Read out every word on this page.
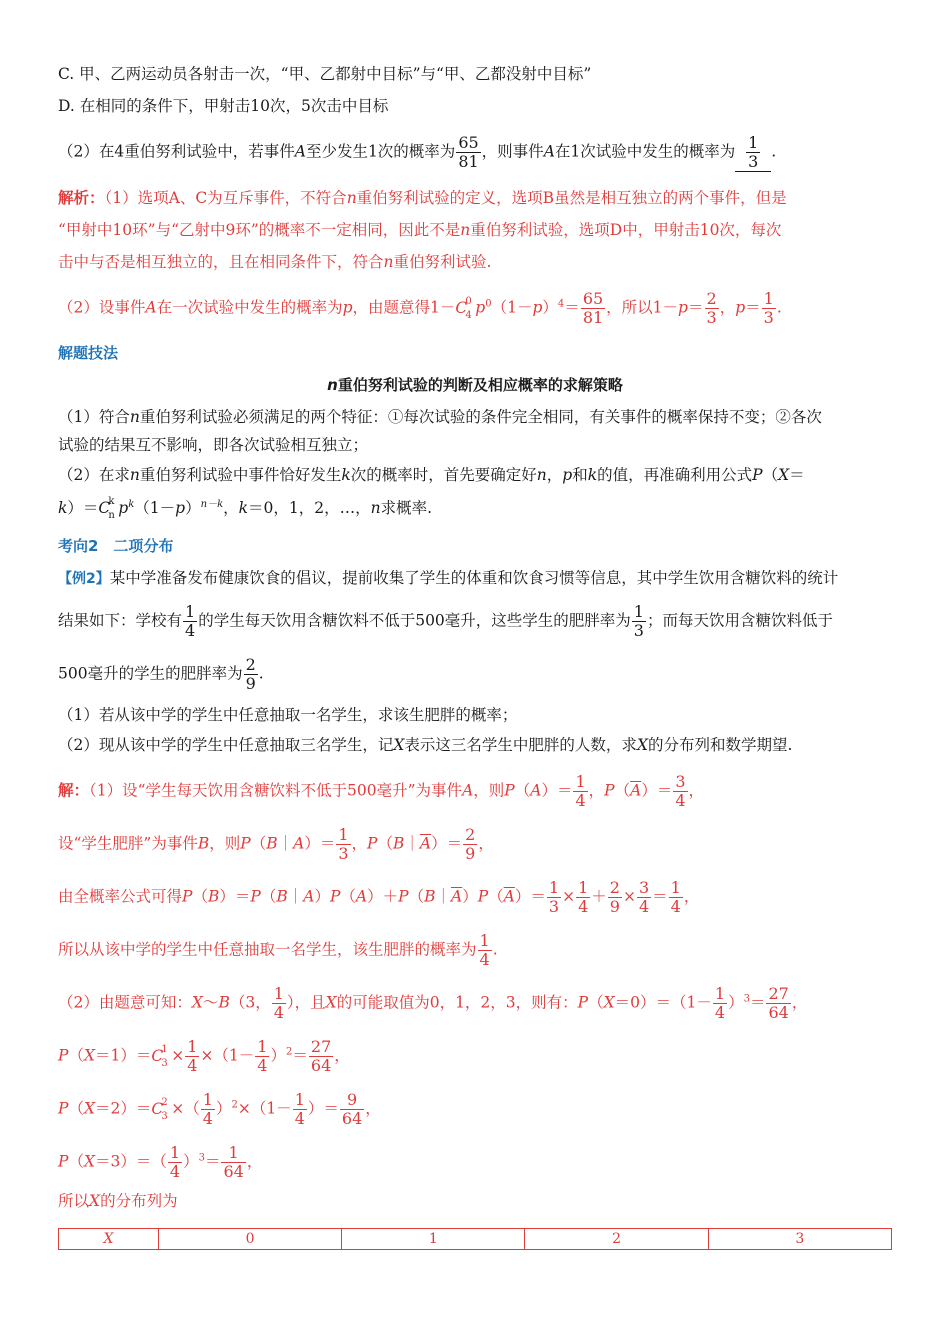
C. 甲、乙两运动员各射击一次，“甲、乙都射中目标”与“甲、乙都没射中目标”
D. 在相同的条件下，甲射击10次，5次击中目标
（2）在4重伯努利试验中，若事件A至少发生1次的概率为 $\frac{65}{81}$ ，则事件A在1次试验中发生的概率为 $\frac{1}{3}$ .
解析：（1）选项A、C为互斥事件，不符合n重伯努利试验的定义，选项B虽然是相互独立的两个事件，但是
“甲射中10环”与“乙射中9环”的概率不一定相同，因此不是n重伯努利试验，选项D中，甲射击10次，每次
击中与否是相互独立的，且在相同条件下，符合n重伯努利试验.
（2）设事件A在一次试验中发生的概率为p，由题意得1－C
0
4 $p^0(1-p)^4= \frac{65}{81}$ ，所以$1-p= \frac{2}{3}$ ，$p= \frac{1}{3}$ .
解题技法
n重伯努利试验的判断及相应概率的求解策略
（1）符合n重伯努利试验必须满足的两个特征：①每次试验的条件完全相同，有关事件的概率保持不变；②各次
试验的结果互不影响，即各次试验相互独立；
（2）在求n重伯努利试验中事件恰好发生k次的概率时，首先要确定好n，p和k的值，再准确利用公式P（X＝
k）＝C
k
n $p^k(1-p)^{n-k}$，k＝0，1，2，…，n求概率.
考向2　二项分布
【例2】某中学准备发布健康饮食的倡议，提前收集了学生的体重和饮食习惯等信息，其中学生饮用含糖饮料的统计
结果如下：学校有 $\frac{1}{4}$ 的学生每天饮用含糖饮料不低于500毫升，这些学生的肥胖率为 $\frac{1}{3}$ ；而每天饮用含糖饮料低于
500毫升的学生的肥胖率为 $\frac{2}{9}$ .
（1）若从该中学的学生中任意抽取一名学生，求该生肥胖的概率；
（2）现从该中学的学生中任意抽取三名学生，记X表示这三名学生中肥胖的人数，求X的分布列和数学期望.
解：（1）设“学生每天饮用含糖饮料不低于500毫升”为事件A，则$P(A)= \frac{1}{4}$ ，$P(\overline{A})= \frac{3}{4}$ ，
设“学生肥胖”为事件B，则P（B｜A）＝ $\frac{1}{3}$ ，$P(B|\overline{A})= \frac{2}{9}$ ，
由全概率公式可得$P(B)=P(B|A)P(A)+P(B|\overline{A})P(\overline{A})= \frac{1}{3} \times \frac{1}{4} + \frac{2}{9} \times \frac{3}{4} = \frac{1}{4}$ ，
所以从该中学的学生中任意抽取一名学生，该生肥胖的概率为 $\frac{1}{4}$ .
（2）由题意可知：X～B（3， $\frac{1}{4}$ ），且X的可能取值为0，1，2，3，则有：$P(X=0)=(1- \frac{1}{4} )^3= \frac{27}{64}$ ，
P（X＝1）＝C
1
$3 \times \frac{1}{4} \times(1- \frac{1}{4} )^2= \frac{27}{64}$ ，
P（X＝2）＝C
2
3 ×（ $\frac{1}{4} )^2\times(1- \frac{1}{4}$ ）＝ $\frac{9}{64}$ ，
$P(X=3)=( \frac{1}{4} )^3= \frac{1}{64}$ ，
所以X的分布列为
X	0	1	2	3
